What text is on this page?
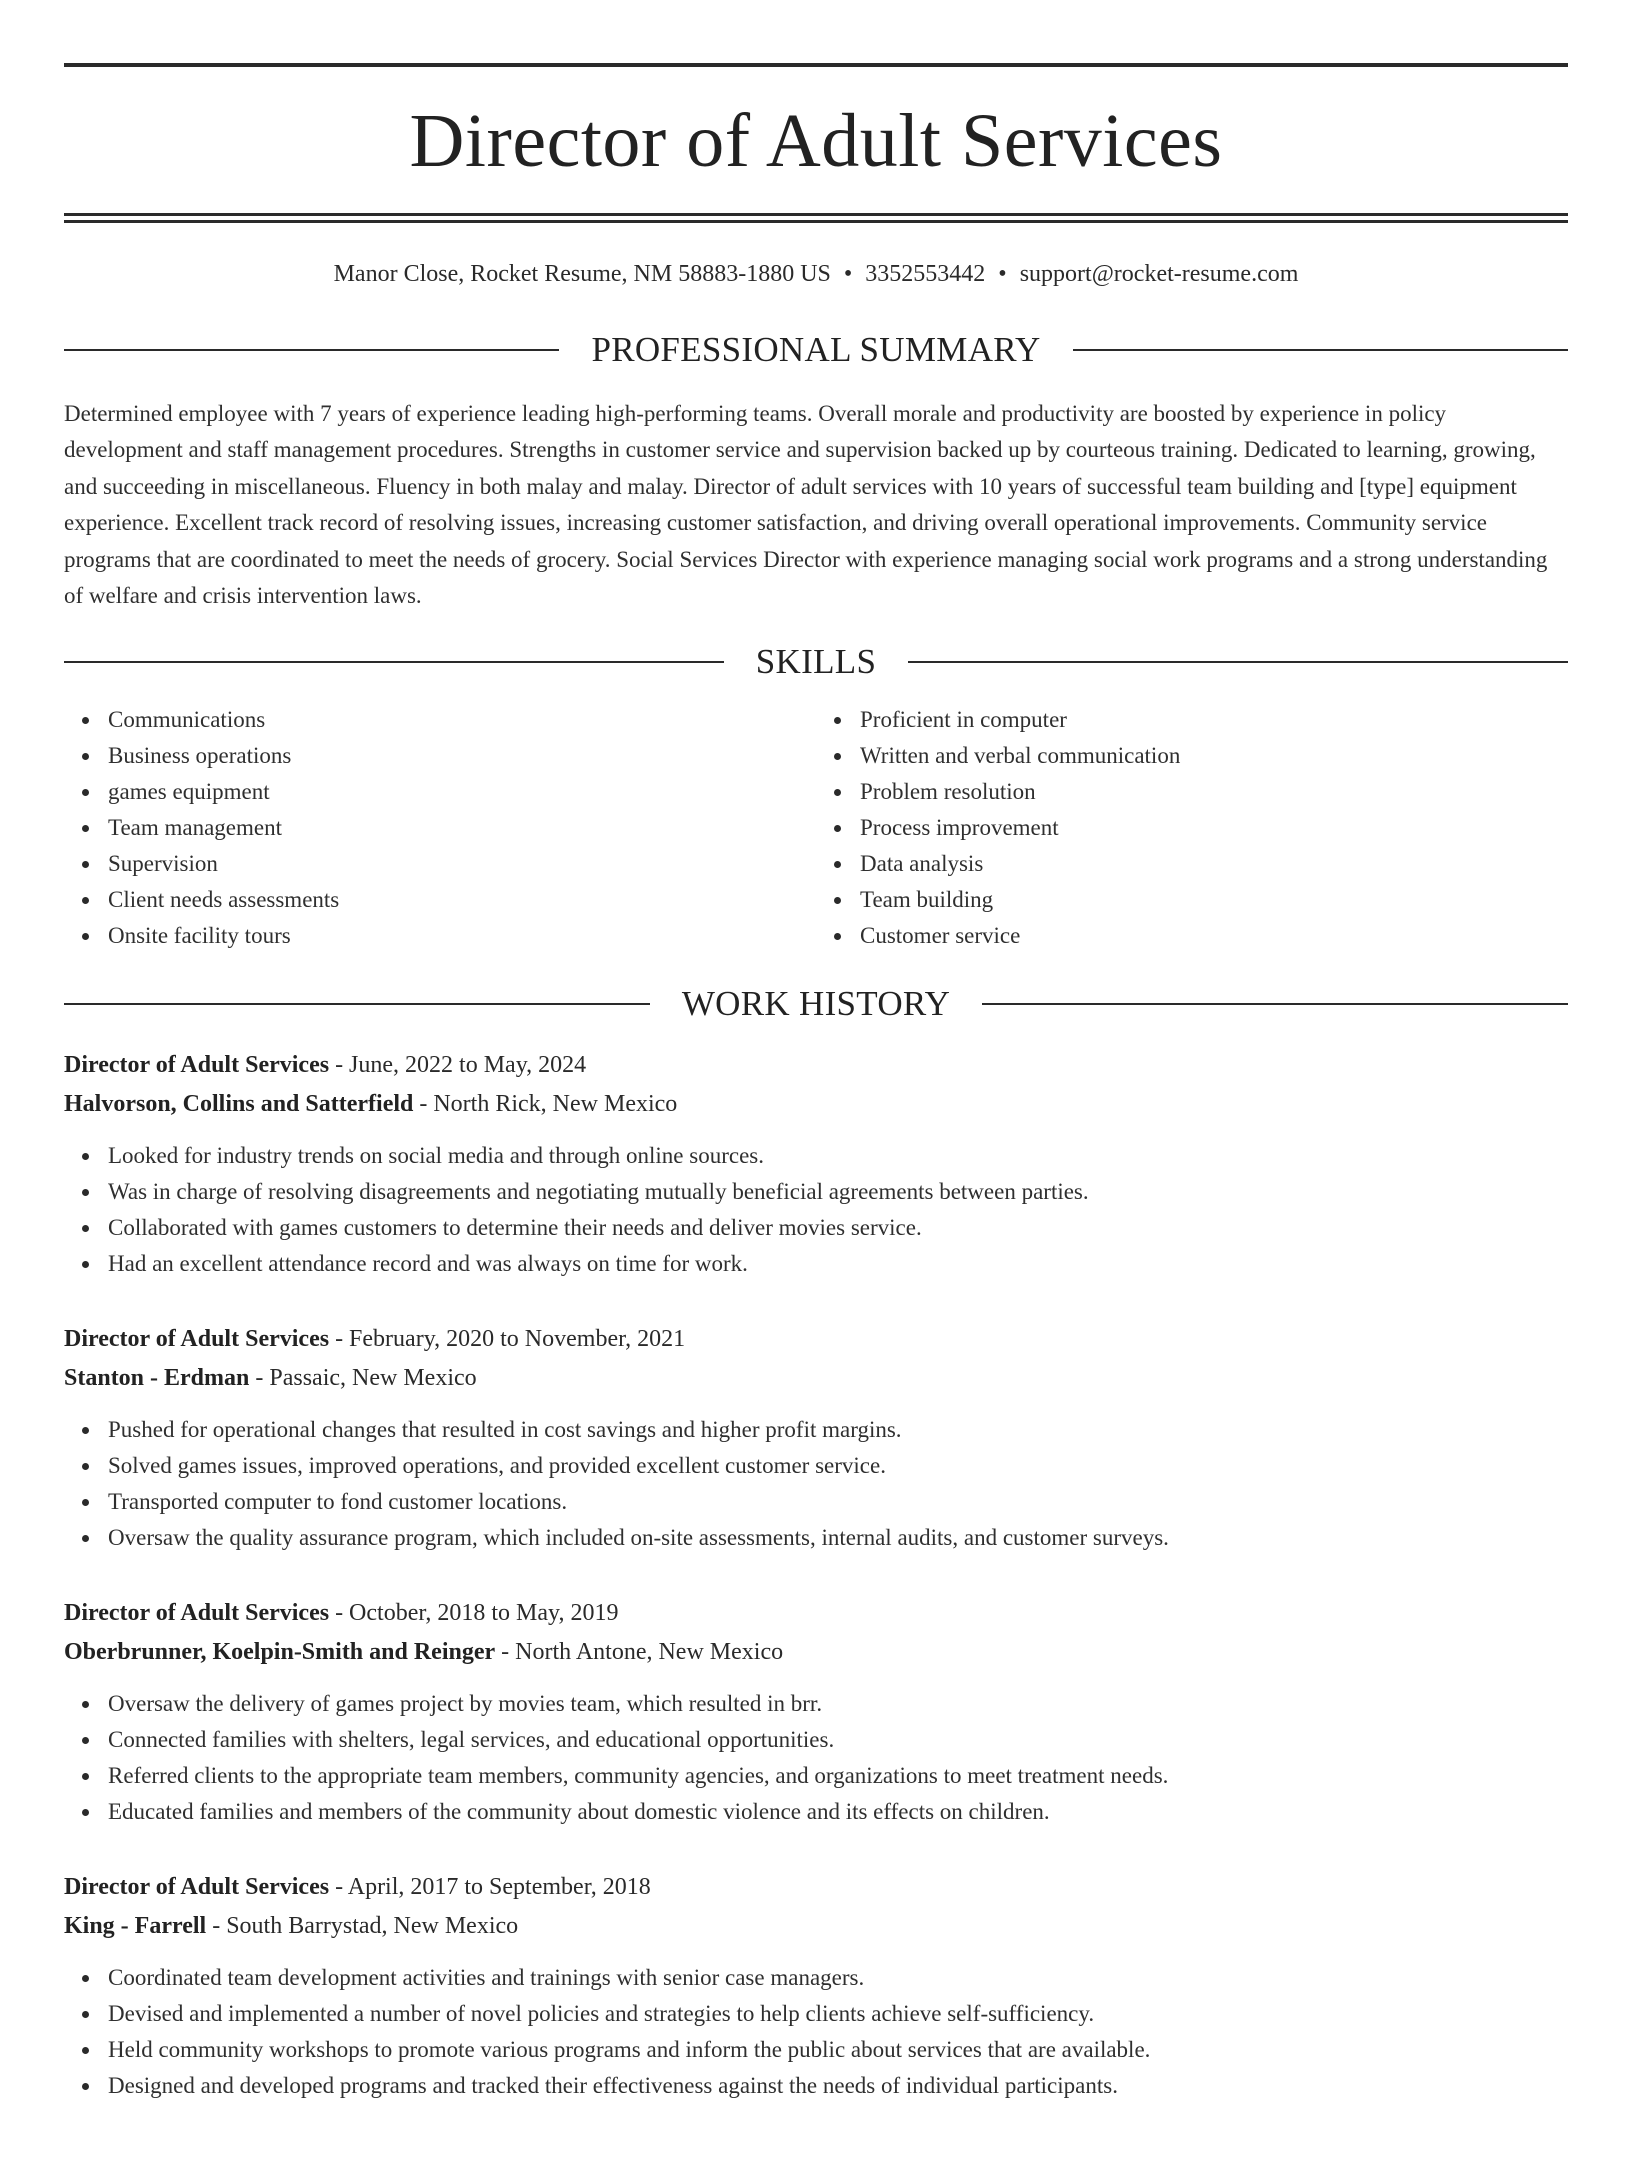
Director of Adult Services
Manor Close, Rocket Resume, NM 58883-1880 US • 3352553442 • support@rocket-resume.com
PROFESSIONAL SUMMARY
Determined employee with 7 years of experience leading high-performing teams. Overall morale and productivity are boosted by experience in policy development and staff management procedures. Strengths in customer service and supervision backed up by courteous training. Dedicated to learning, growing, and succeeding in miscellaneous. Fluency in both malay and malay. Director of adult services with 10 years of successful team building and [type] equipment experience. Excellent track record of resolving issues, increasing customer satisfaction, and driving overall operational improvements. Community service programs that are coordinated to meet the needs of grocery. Social Services Director with experience managing social work programs and a strong understanding of welfare and crisis intervention laws.
SKILLS
Communications
Business operations
games equipment
Team management
Supervision
Client needs assessments
Onsite facility tours
Proficient in computer
Written and verbal communication
Problem resolution
Process improvement
Data analysis
Team building
Customer service
WORK HISTORY
Director of Adult Services - June, 2022 to May, 2024
Halvorson, Collins and Satterfield - North Rick, New Mexico
Looked for industry trends on social media and through online sources.
Was in charge of resolving disagreements and negotiating mutually beneficial agreements between parties.
Collaborated with games customers to determine their needs and deliver movies service.
Had an excellent attendance record and was always on time for work.
Director of Adult Services - February, 2020 to November, 2021
Stanton - Erdman - Passaic, New Mexico
Pushed for operational changes that resulted in cost savings and higher profit margins.
Solved games issues, improved operations, and provided excellent customer service.
Transported computer to fond customer locations.
Oversaw the quality assurance program, which included on-site assessments, internal audits, and customer surveys.
Director of Adult Services - October, 2018 to May, 2019
Oberbrunner, Koelpin-Smith and Reinger - North Antone, New Mexico
Oversaw the delivery of games project by movies team, which resulted in brr.
Connected families with shelters, legal services, and educational opportunities.
Referred clients to the appropriate team members, community agencies, and organizations to meet treatment needs.
Educated families and members of the community about domestic violence and its effects on children.
Director of Adult Services - April, 2017 to September, 2018
King - Farrell - South Barrystad, New Mexico
Coordinated team development activities and trainings with senior case managers.
Devised and implemented a number of novel policies and strategies to help clients achieve self-sufficiency.
Held community workshops to promote various programs and inform the public about services that are available.
Designed and developed programs and tracked their effectiveness against the needs of individual participants.
